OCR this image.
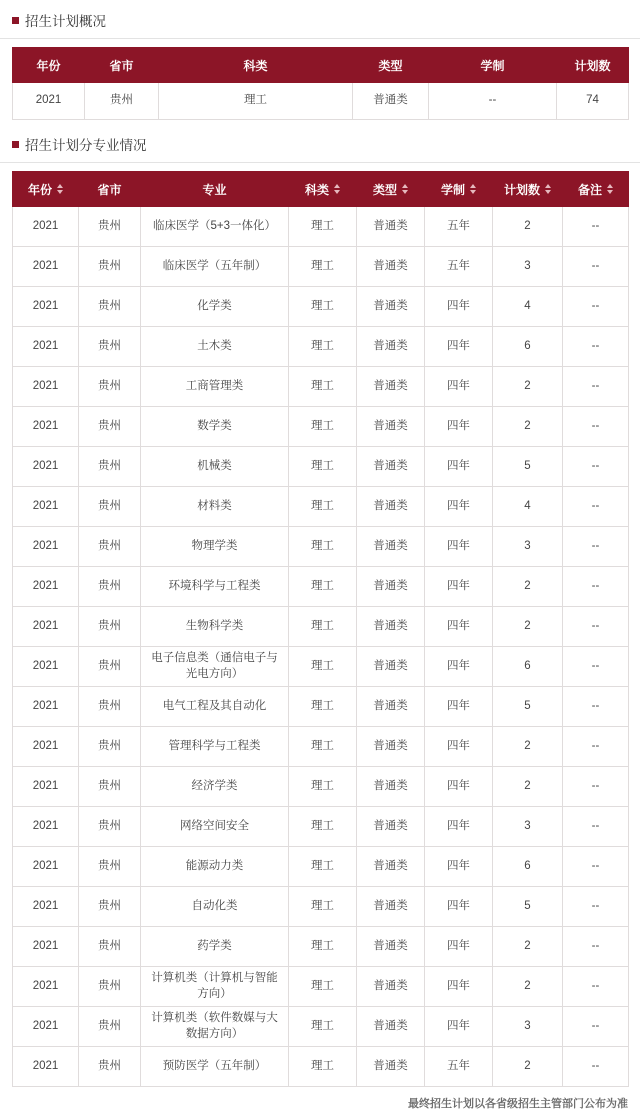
招生计划概况
年份	省市	科类	类型	学制	计划数

2021	贵州	理工	普通类	--	74
招生计划分专业情况
年份	省市	专业	科类	类型	学制	计划数	备注

2021	贵州	临床医学（5+3一体化）	理工	普通类	五年	2	--
2021	贵州	临床医学（五年制）	理工	普通类	五年	3	--
2021	贵州	化学类	理工	普通类	四年	4	--
2021	贵州	土木类	理工	普通类	四年	6	--
2021	贵州	工商管理类	理工	普通类	四年	2	--
2021	贵州	数学类	理工	普通类	四年	2	--
2021	贵州	机械类	理工	普通类	四年	5	--
2021	贵州	材料类	理工	普通类	四年	4	--
2021	贵州	物理学类	理工	普通类	四年	3	--
2021	贵州	环境科学与工程类	理工	普通类	四年	2	--
2021	贵州	生物科学类	理工	普通类	四年	2	--
2021	贵州	电子信息类（通信电子与光电方向）	理工	普通类	四年	6	--
2021	贵州	电气工程及其自动化	理工	普通类	四年	5	--
2021	贵州	管理科学与工程类	理工	普通类	四年	2	--
2021	贵州	经济学类	理工	普通类	四年	2	--
2021	贵州	网络空间安全	理工	普通类	四年	3	--
2021	贵州	能源动力类	理工	普通类	四年	6	--
2021	贵州	自动化类	理工	普通类	四年	5	--
2021	贵州	药学类	理工	普通类	四年	2	--
2021	贵州	计算机类（计算机与智能方向）	理工	普通类	四年	2	--
2021	贵州	计算机类（软件数媒与大数据方向）	理工	普通类	四年	3	--
2021	贵州	预防医学（五年制）	理工	普通类	五年	2	--
最终招生计划以各省级招生主管部门公布为准
